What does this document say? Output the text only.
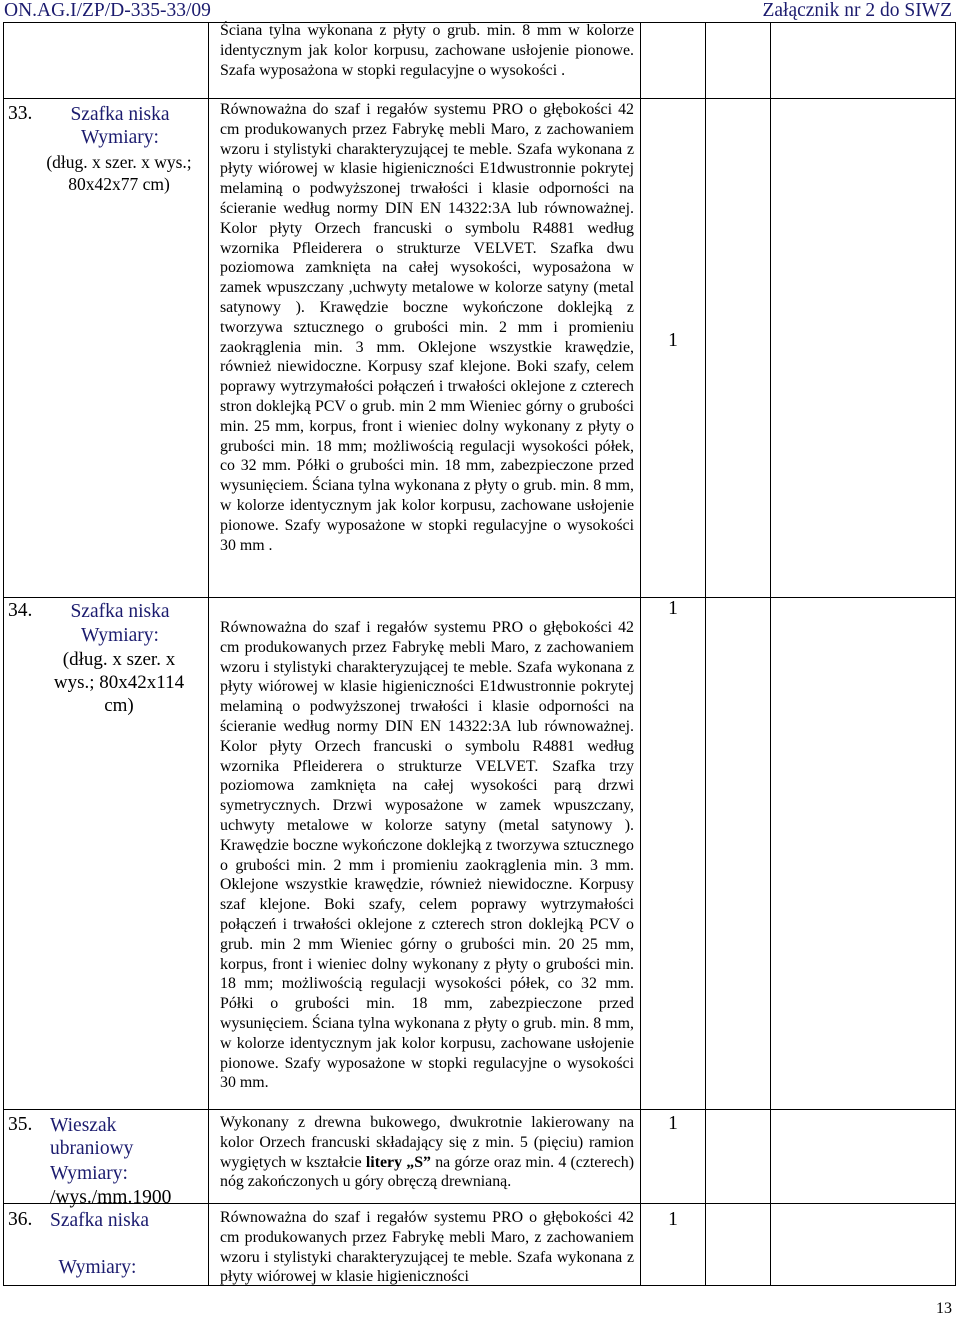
ON.AG.I/ZP/D-335-33/09	Załącznik nr 2 do SIWZ

Ściana tylna wykonana z płyty o grub. min. 8 mm w kolorze identycznym jak kolor korpusu, zachowane usłojenie pionowe. Szafa wyposażona w stopki regulacyjne o wysokości .

33.	Szafka niska
Wymiary:
(dług. x szer. x wys.; 80x42x77 cm)

Równoważna do szaf i regałów systemu PRO o głębokości 42 cm produkowanych przez Fabrykę mebli Maro, z zachowaniem wzoru i stylistyki charakteryzującej te meble. Szafa wykonana z płyty wiórowej w klasie higieniczności E1dwustronnie pokrytej melaminą o podwyższonej trwałości i klasie odporności na ścieranie według normy DIN EN 14322:3A lub równoważnej. Kolor płyty Orzech francuski o symbolu R4881 według wzornika Pfleiderera o strukturze VELVET. Szafka dwu poziomowa zamknięta na całej wysokości, wyposażona w zamek wpuszczany ,uchwyty metalowe w kolorze satyny (metal satynowy ). Krawędzie boczne wykończone doklejką z tworzywa sztucznego o grubości min. 2 mm i promieniu zaokrąglenia min. 3 mm. Oklejone wszystkie krawędzie, również niewidoczne. Korpusy szaf klejone. Boki szafy, celem poprawy wytrzymałości połączeń i trwałości oklejone z czterech stron doklejką PCV o grub. min 2 mm Wieniec górny o grubości min. 25 mm, korpus, front i wieniec dolny wykonany z płyty o grubości min. 18 mm; możliwością regulacji wysokości półek, co 32 mm. Półki o grubości min. 18 mm, zabezpieczone przed wysunięciem. Ściana tylna wykonana z płyty o grub. min. 8 mm, w kolorze identycznym jak kolor korpusu, zachowane usłojenie pionowe. Szafy wyposażone w stopki regulacyjne o wysokości 30 mm .

1
34.	Szafka niska
Wymiary:
(dług. x szer. x wys.; 80x42x114 cm)

Równoważna do szaf i regałów systemu PRO o głębokości 42 cm produkowanych przez Fabrykę mebli Maro, z zachowaniem wzoru i stylistyki charakteryzującej te meble. Szafa wykonana z płyty wiórowej w klasie higieniczności E1dwustronnie pokrytej melaminą o podwyższonej trwałości i klasie odporności na ścieranie według normy DIN EN 14322:3A lub równoważnej. Kolor płyty Orzech francuski o symbolu R4881 według wzornika Pfleiderera o strukturze VELVET. Szafka trzy poziomowa zamknięta na całej wysokości parą drzwi symetrycznych. Drzwi wyposażone w zamek wpuszczany, uchwyty metalowe w kolorze satyny (metal satynowy ). Krawędzie boczne wykończone doklejką z tworzywa sztucznego o grubości min. 2 mm i promieniu zaokrąglenia min. 3 mm. Oklejone wszystkie krawędzie, również niewidoczne. Korpusy szaf klejone. Boki szafy, celem poprawy wytrzymałości połączeń i trwałości oklejone z czterech stron doklejką PCV o grub. min 2 mm Wieniec górny o grubości min. 20 25 mm, korpus, front i wieniec dolny wykonany z płyty o grubości min. 18 mm; możliwością regulacji wysokości półek, co 32 mm. Półki o grubości min. 18 mm, zabezpieczone przed wysunięciem. Ściana tylna wykonana z płyty o grub. min. 8 mm, w kolorze identycznym jak kolor korpusu, zachowane usłojenie pionowe. Szafy wyposażone w stopki regulacyjne o wysokości 30 mm.

1
35. Wieszak ubraniowy
Wymiary:
/wys./mm.1900

Wykonany z drewna bukowego, dwukrotnie lakierowany na kolor Orzech francuski składający się z min. 5 (pięciu) ramion wygiętych w kształcie litery „S” na górze oraz min. 4 (czterech) nóg zakończonych u góry obręczą drewnianą.

1
36. Szafka niska
Wymiary:

Równoważna do szaf i regałów systemu PRO o głębokości 42 cm produkowanych przez Fabrykę mebli Maro, z zachowaniem wzoru i stylistyki charakteryzującej te meble. Szafa wykonana z płyty wiórowej w klasie higieniczności

1
13
